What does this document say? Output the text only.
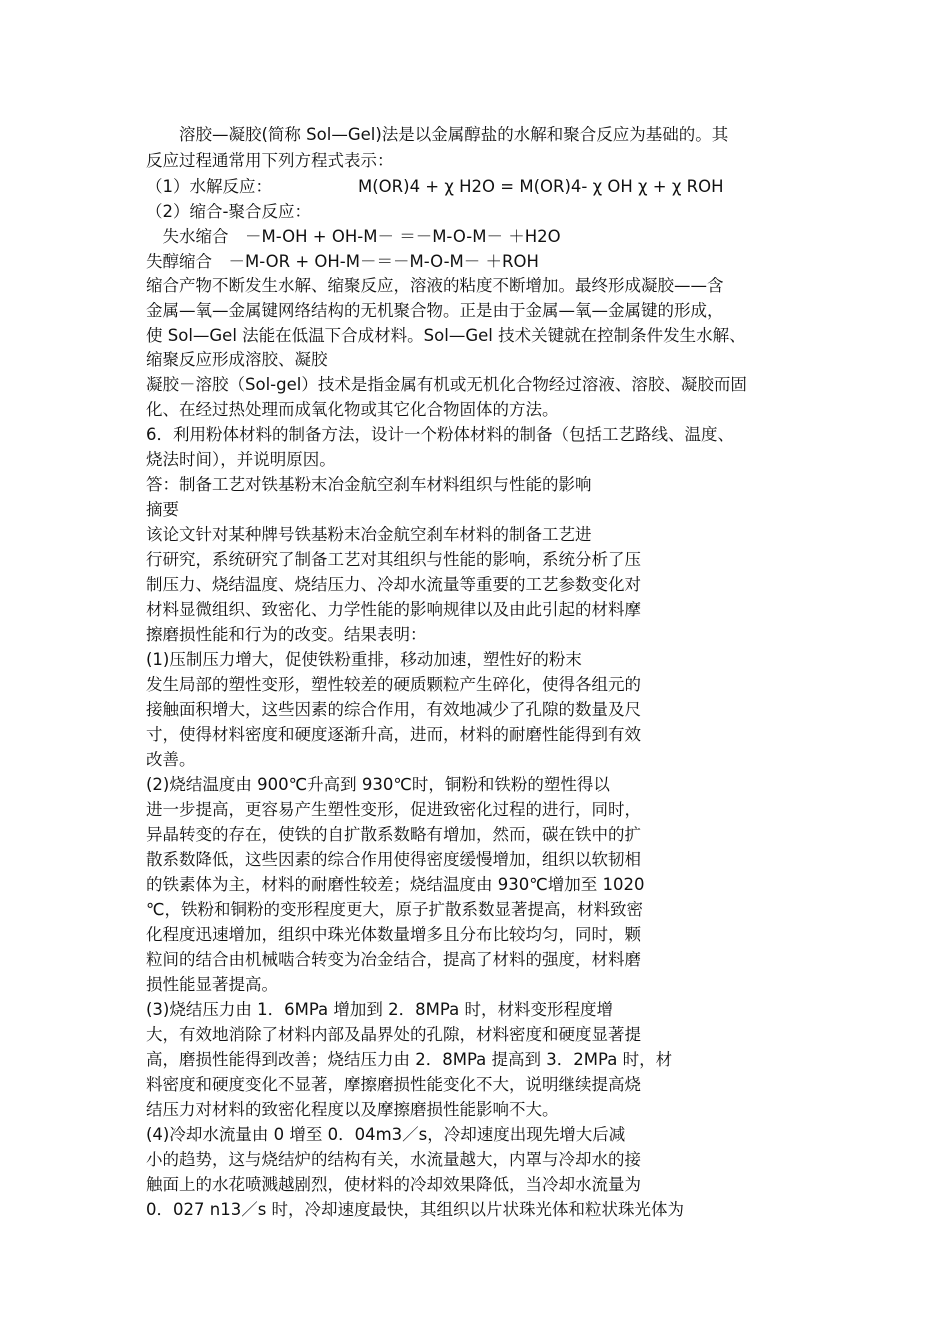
　　溶胶—凝胶(简称 Sol—Gel)法是以金属醇盐的水解和聚合反应为基础的。其
反应过程通常用下列方程式表示：
（1）水解反应：	M(OR)4 + χ H2O = M(OR)4- χ OH χ + χ ROH
（2）缩合-聚合反应：
　失水缩合　－M-OH + OH-M－ ＝－M-O-M－ ＋H2O
失醇缩合　－M-OR + OH-M－＝－M-O-M－ ＋ROH
缩合产物不断发生水解、缩聚反应，溶液的粘度不断增加。最终形成凝胶——含
金属—氧—金属键网络结构的无机聚合物。正是由于金属—氧—金属键的形成，
使 Sol—Gel 法能在低温下合成材料。Sol—Gel 技术关键就在控制条件发生水解、
缩聚反应形成溶胶、凝胶
凝胶－溶胶（Sol-gel）技术是指金属有机或无机化合物经过溶液、溶胶、凝胶而固
化、在经过热处理而成氧化物或其它化合物固体的方法。
6．利用粉体材料的制备方法，设计一个粉体材料的制备（包括工艺路线、温度、
烧法时间），并说明原因。
答：制备工艺对铁基粉末冶金航空刹车材料组织与性能的影响
摘要
该论文针对某种牌号铁基粉末冶金航空刹车材料的制备工艺进
行研究，系统研究了制备工艺对其组织与性能的影响，系统分析了压
制压力、烧结温度、烧结压力、冷却水流量等重要的工艺参数变化对
材料显微组织、致密化、力学性能的影响规律以及由此引起的材料摩
擦磨损性能和行为的改变。结果表明：
(1)压制压力增大，促使铁粉重排，移动加速，塑性好的粉末
发生局部的塑性变形，塑性较差的硬质颗粒产生碎化，使得各组元的
接触面积增大，这些因素的综合作用，有效地减少了孔隙的数量及尺
寸，使得材料密度和硬度逐渐升高，进而，材料的耐磨性能得到有效
改善。
(2)烧结温度由 900℃升高到 930℃时，铜粉和铁粉的塑性得以
进一步提高，更容易产生塑性变形，促进致密化过程的进行，同时，
异晶转变的存在，使铁的自扩散系数略有增加，然而，碳在铁中的扩
散系数降低，这些因素的综合作用使得密度缓慢增加，组织以软韧相
的铁素体为主，材料的耐磨性较差；烧结温度由 930℃增加至 1020
℃，铁粉和铜粉的变形程度更大，原子扩散系数显著提高，材料致密
化程度迅速增加，组织中珠光体数量增多且分布比较均匀，同时，颗
粒间的结合由机械啮合转变为冶金结合，提高了材料的强度，材料磨
损性能显著提高。
(3)烧结压力由 1．6MPa 增加到 2．8MPa 时，材料变形程度增
大，有效地消除了材料内部及晶界处的孔隙，材料密度和硬度显著提
高，磨损性能得到改善；烧结压力由 2．8MPa 提高到 3．2MPa 时，材
料密度和硬度变化不显著，摩擦磨损性能变化不大，说明继续提高烧
结压力对材料的致密化程度以及摩擦磨损性能影响不大。
(4)冷却水流量由 0 增至 0．04m3／s，冷却速度出现先增大后减
小的趋势，这与烧结炉的结构有关，水流量越大，内罩与冷却水的接
触面上的水花喷溅越剧烈，使材料的冷却效果降低，当冷却水流量为
0．027 n13／s 时，冷却速度最快，其组织以片状珠光体和粒状珠光体为
